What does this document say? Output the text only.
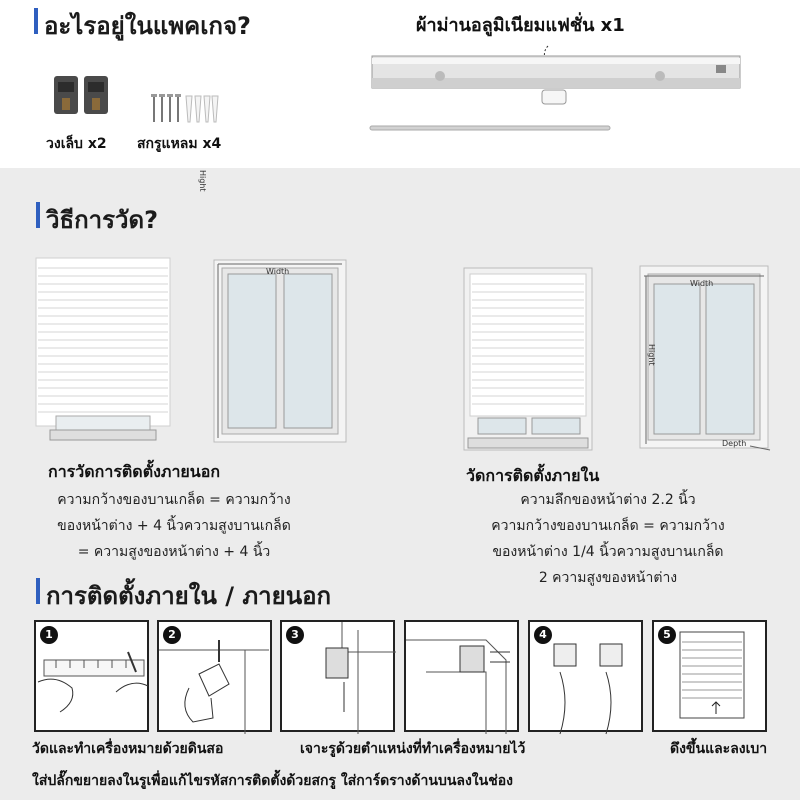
อะไรอยู่ในแพคเกจ?	ผ้าม่านอลูมิเนียมแฟชั่น x1
วงเล็บ x2 สกรูแหลม x4
วิธีการวัด?
Width
Hight
Width
Depth
Hight
การวัดการติดตั้งภายนอก
ความกว้างของบานเกล็ด = ความกว้าง
ของหน้าต่าง + 4 นิ้วความสูงบานเกล็ด
= ความสูงของหน้าต่าง + 4 นิ้ว
วัดการติดตั้งภายใน
ความลึกของหน้าต่าง 2.2 นิ้ว
ความกว้างของบานเกล็ด = ความกว้าง
ของหน้าต่าง 1/4 นิ้วความสูงบานเกล็ด
2 ความสูงของหน้าต่าง
การติดตั้งภายใน / ภายนอก
1	2	3	4	5
วัดและทำเครื่องหมายด้วยดินสอ	เจาะรูด้วยตำแหน่งที่ทำเครื่องหมายไว้	ดึงขึ้นและลงเบา
ใส่ปลั๊กขยายลงในรูเพื่อแก้ไขรหัสการติดตั้งด้วยสกรู ใส่การ์ดรางด้านบนลงในช่อง
